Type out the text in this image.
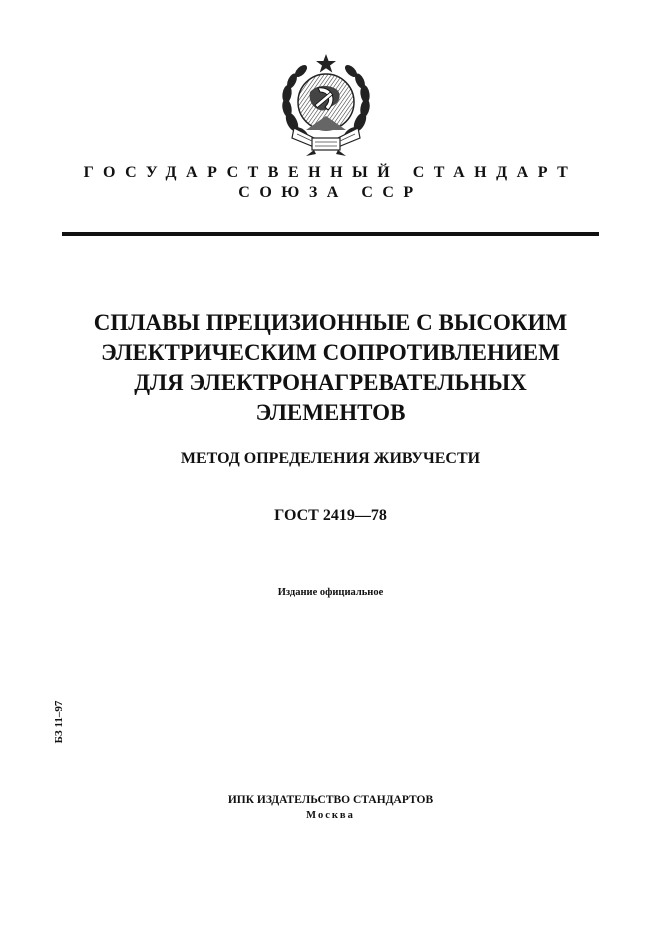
ГОСУДАРСТВЕННЫЙ СТАНДАРТ
СОЮЗА ССР
СПЛАВЫ ПРЕЦИЗИОННЫЕ С ВЫСОКИМ
ЭЛЕКТРИЧЕСКИМ СОПРОТИВЛЕНИЕМ
ДЛЯ ЭЛЕКТРОНАГРЕВАТЕЛЬНЫХ
ЭЛЕМЕНТОВ
МЕТОД ОПРЕДЕЛЕНИЯ ЖИВУЧЕСТИ
ГОСТ 2419—78
Издание официальное
БЗ 11–97
ИПК ИЗДАТЕЛЬСТВО СТАНДАРТОВ
Москва
